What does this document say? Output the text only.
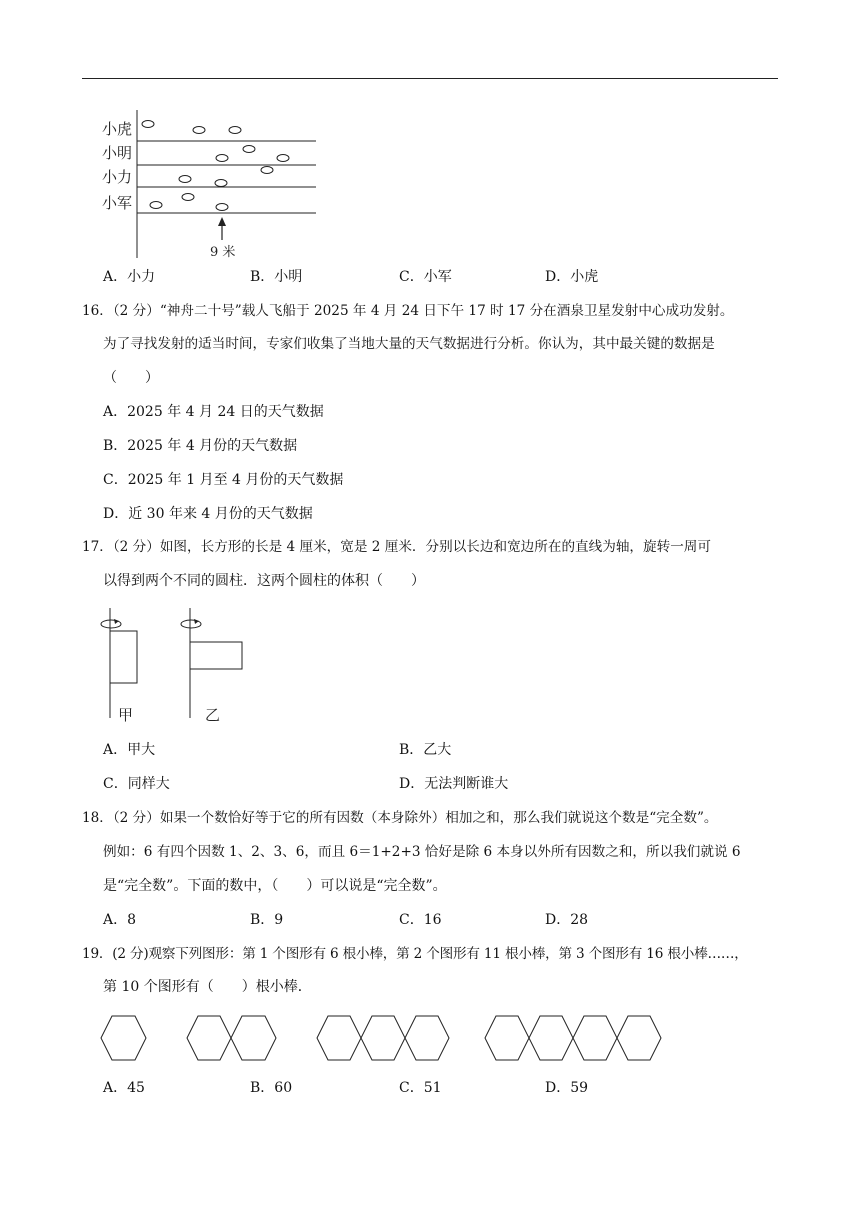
小虎
小明
小力
小军
9 米
A．小力	B．小明	C．小军	D．小虎
16．（2 分）“神舟二十号”载人飞船于 2025 年 4 月 24 日下午 17 时 17 分在酒泉卫星发射中心成功发射。
为了寻找发射的适当时间，专家们收集了当地大量的天气数据进行分析。你认为，其中最关键的数据是
（　　）
A．2025 年 4 月 24 日的天气数据
B．2025 年 4 月份的天气数据
C．2025 年 1 月至 4 月份的天气数据
D．近 30 年来 4 月份的天气数据
17．（2 分）如图，长方形的长是 4 厘米，宽是 2 厘米．分别以长边和宽边所在的直线为轴，旋转一周可
以得到两个不同的圆柱．这两个圆柱的体积（　　）
甲	乙
A．甲大	B．乙大
C．同样大	D．无法判断谁大
18．（2 分）如果一个数恰好等于它的所有因数（本身除外）相加之和，那么我们就说这个数是“完全数”。
例如：6 有四个因数 1、2、3、6，而且 6＝1+2+3 恰好是除 6 本身以外所有因数之和，所以我们就说 6
是“完全数”。下面的数中，（　　）可以说是“完全数”。
A．8	B．9	C．16	D．28
19．(2 分)观察下列图形：第 1 个图形有 6 根小棒，第 2 个图形有 11 根小棒，第 3 个图形有 16 根小棒……，
第 10 个图形有（　　）根小棒．
A．45	B．60	C．51	D．59
